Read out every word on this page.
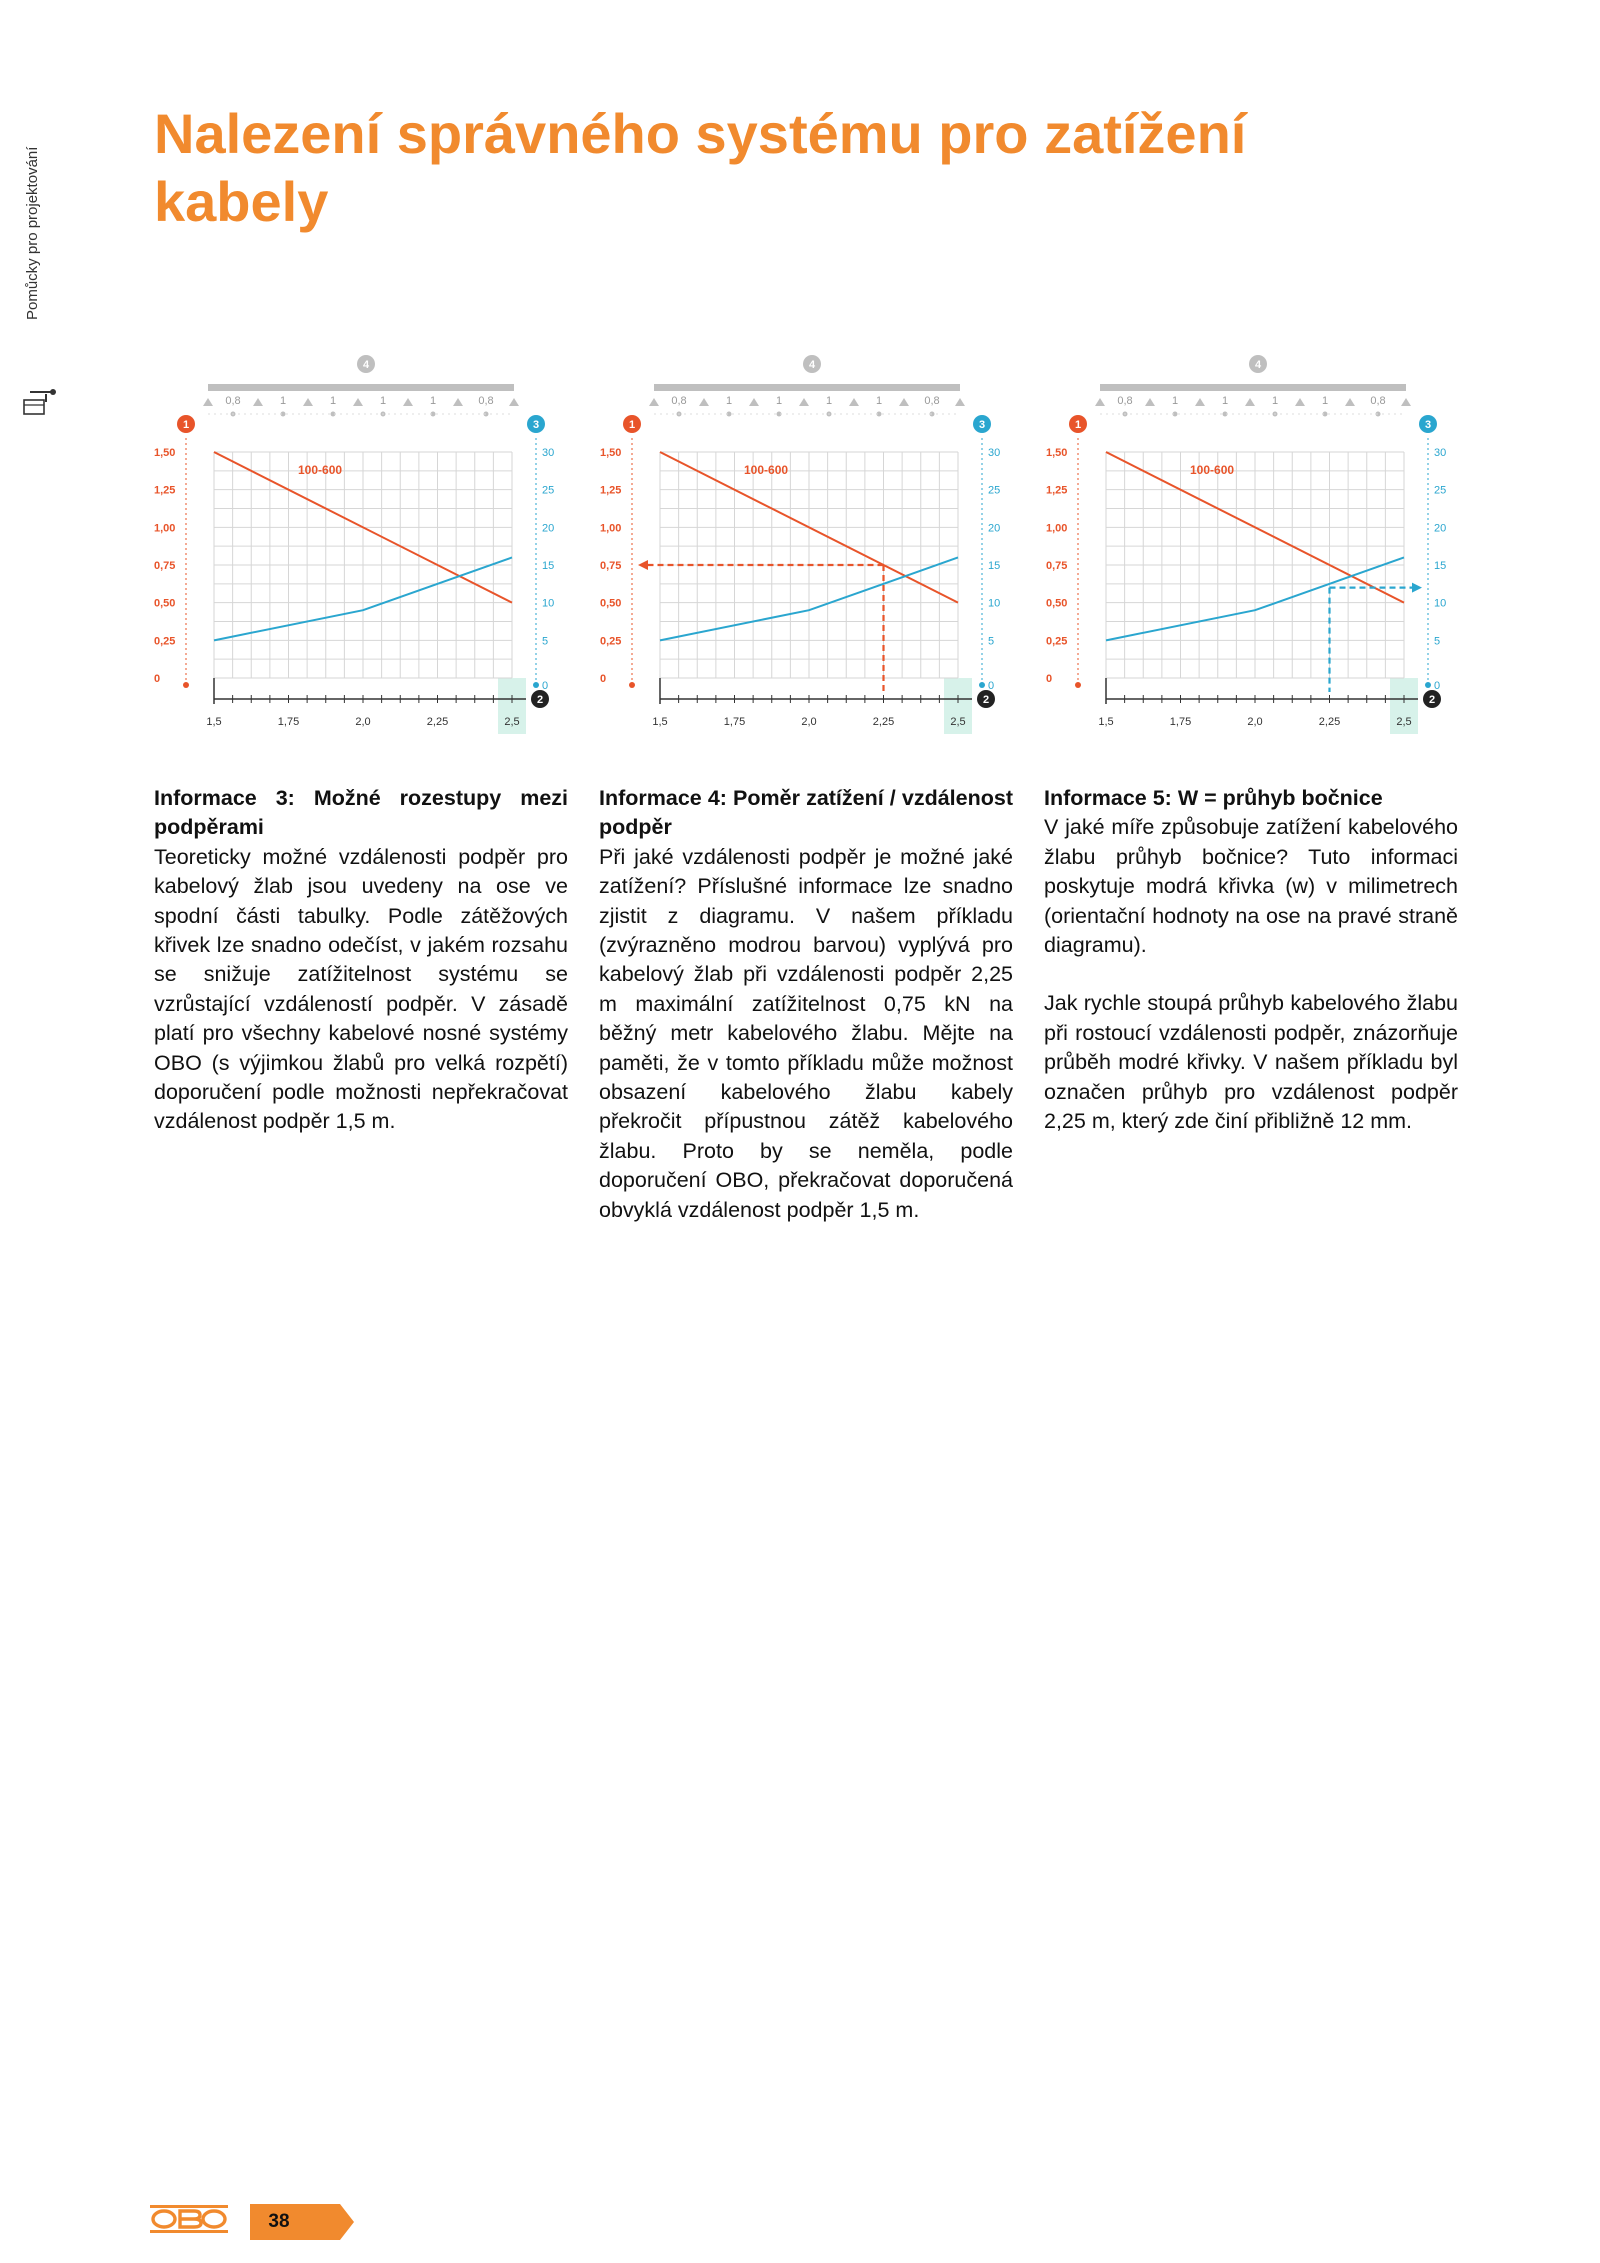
Pomůcky pro projektování
Nalezení správného systému pro zatížení kabely
4
0,8	1	1	1	1	0,8
1
1,50
1,25
1,00
0,75
0,50
0,25
0
3
30
25
20
15
10
5
0
1,5	1,75	2,0	2,25	2,5
2
100-600
4
0,8	1	1	1	1	0,8
1
1,50
1,25
1,00
0,75
0,50
0,25
0
3
30
25
20
15
10
5
0
1,5	1,75	2,0	2,25	2,5
2
100-600
4
0,8	1	1	1	1	0,8
1
1,50
1,25
1,00
0,75
0,50
0,25
0
3
30
25
20
15
10
5
0
1,5	1,75	2,0	2,25	2,5
2
100-600
Informace 3: Možné rozestupy mezi podpěrami

Teoreticky možné vzdálenosti podpěr pro kabelový žlab jsou uvedeny na ose ve spodní části tabulky. Podle zátěžových křivek lze snadno odečíst, v jakém rozsahu se snižuje zatížitelnost systému se vzrůstající vzdáleností podpěr. V zásadě platí pro všechny kabelové nosné systémy OBO (s výjimkou žlabů pro velká rozpětí) doporučení podle možnosti nepřekračovat vzdálenost podpěr 1,5 m.

Informace 4: Poměr zatížení / vzdálenost podpěr

Při jaké vzdálenosti podpěr je možné jaké zatížení? Příslušné informace lze snadno zjistit z diagramu. V našem příkladu (zvýrazněno modrou barvou) vyplývá pro kabelový žlab při vzdálenosti podpěr 2,25 m maximální zatížitelnost 0,75 kN na běžný metr kabelového žlabu. Mějte na paměti, že v tomto příkladu může možnost obsazení kabelového žlabu kabely překročit přípustnou zátěž kabelového žlabu. Proto by se neměla, podle doporučení OBO, překračovat doporučená obvyklá vzdálenost podpěr 1,5 m.

Informace 5: W = průhyb bočnice

V jaké míře způsobuje zatížení kabelového žlabu průhyb bočnice? Tuto informaci poskytuje modrá křivka (w) v milimetrech (orientační hodnoty na ose na pravé straně diagramu).

Jak rychle stoupá průhyb kabelového žlabu při rostoucí vzdálenosti podpěr, znázorňuje průběh modré křivky. V našem příkladu byl označen průhyb pro vzdálenost podpěr 2,25 m, který zde činí přibližně 12 mm.

38
